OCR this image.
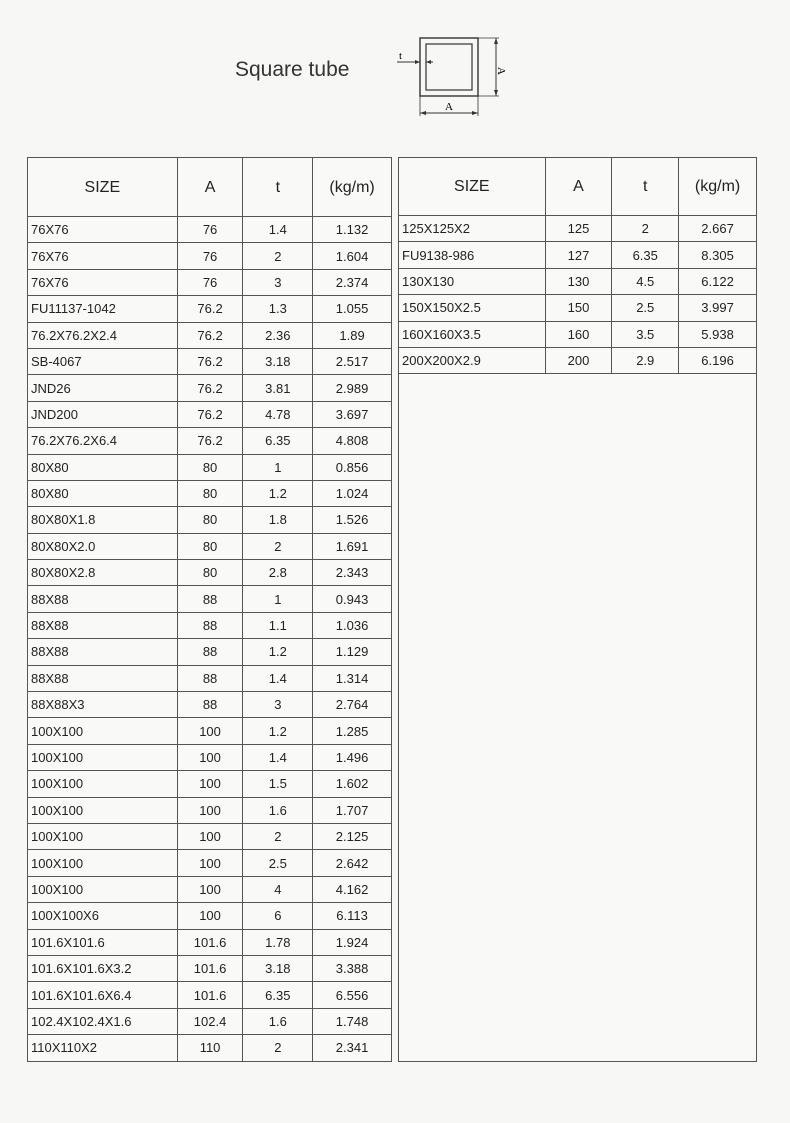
Square tube
t
A
A
SIZE	A	t	(kg/m)
76X76	76	1.4	1.132
76X76	76	2	1.604
76X76	76	3	2.374
FU11137-1042	76.2	1.3	1.055
76.2X76.2X2.4	76.2	2.36	1.89
SB-4067	76.2	3.18	2.517
JND26	76.2	3.81	2.989
JND200	76.2	4.78	3.697
76.2X76.2X6.4	76.2	6.35	4.808
80X80	80	1	0.856
80X80	80	1.2	1.024
80X80X1.8	80	1.8	1.526
80X80X2.0	80	2	1.691
80X80X2.8	80	2.8	2.343
88X88	88	1	0.943
88X88	88	1.1	1.036
88X88	88	1.2	1.129
88X88	88	1.4	1.314
88X88X3	88	3	2.764
100X100	100	1.2	1.285
100X100	100	1.4	1.496
100X100	100	1.5	1.602
100X100	100	1.6	1.707
100X100	100	2	2.125
100X100	100	2.5	2.642
100X100	100	4	4.162
100X100X6	100	6	6.113
101.6X101.6	101.6	1.78	1.924
101.6X101.6X3.2	101.6	3.18	3.388
101.6X101.6X6.4	101.6	6.35	6.556
102.4X102.4X1.6	102.4	1.6	1.748
110X110X2	110	2	2.341
SIZE	A	t	(kg/m)
125X125X2	125	2	2.667
FU9138-986	127	6.35	8.305
130X130	130	4.5	6.122
150X150X2.5	150	2.5	3.997
160X160X3.5	160	3.5	5.938
200X200X2.9	200	2.9	6.196
